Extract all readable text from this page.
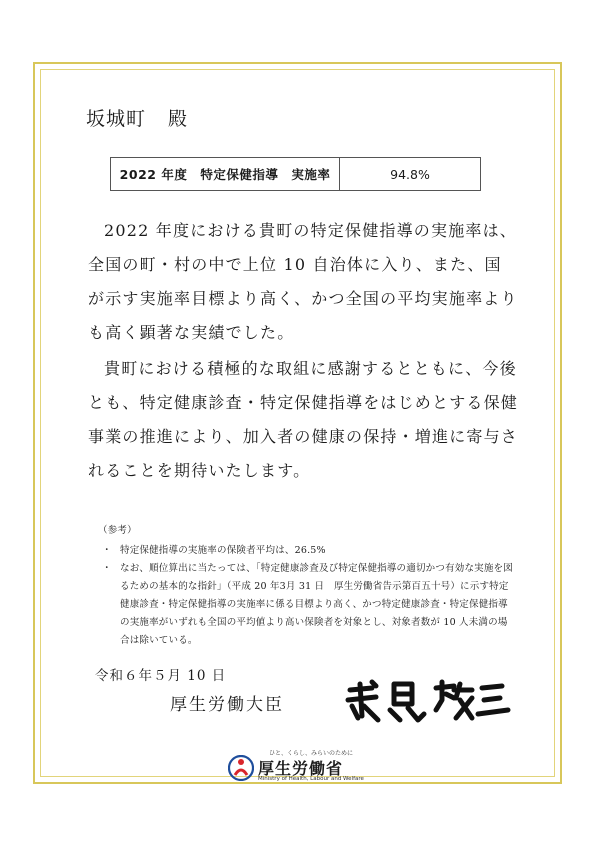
坂城町 殿
2022 年度　特定保健指導　実施率	94.8%

2022 年度における貴町の特定保健指導の実施率は、全国の町・村の中で上位 10 自治体に入り、また、国が示す実施率目標より高く、かつ全国の平均実施率よりも高く顕著な実績でした。

貴町における積極的な取組に感謝するとともに、今後とも、特定健康診査・特定保健指導をはじめとする保健事業の推進により、加入者の健康の保持・増進に寄与されることを期待いたします。

（参考）
・ 特定保健指導の実施率の保険者平均は、26.5%
・ なお、順位算出に当たっては、「特定健康診査及び特定保健指導の適切かつ有効な実施を図るための基本的な指針」（平成 20 年3月 31 日　厚生労働省告示第百五十号）に示す特定健康診査・特定保健指導の実施率に係る目標より高く、かつ特定健康診査・特定保健指導の実施率がいずれも全国の平均値より高い保険者を対象とし、対象者数が 10 人未満の場合は除いている。
令和６年５月 10 日
厚生労働大臣
ひと、くらし、みらいのために
厚生労働省
Ministry of Health, Labour and Welfare
